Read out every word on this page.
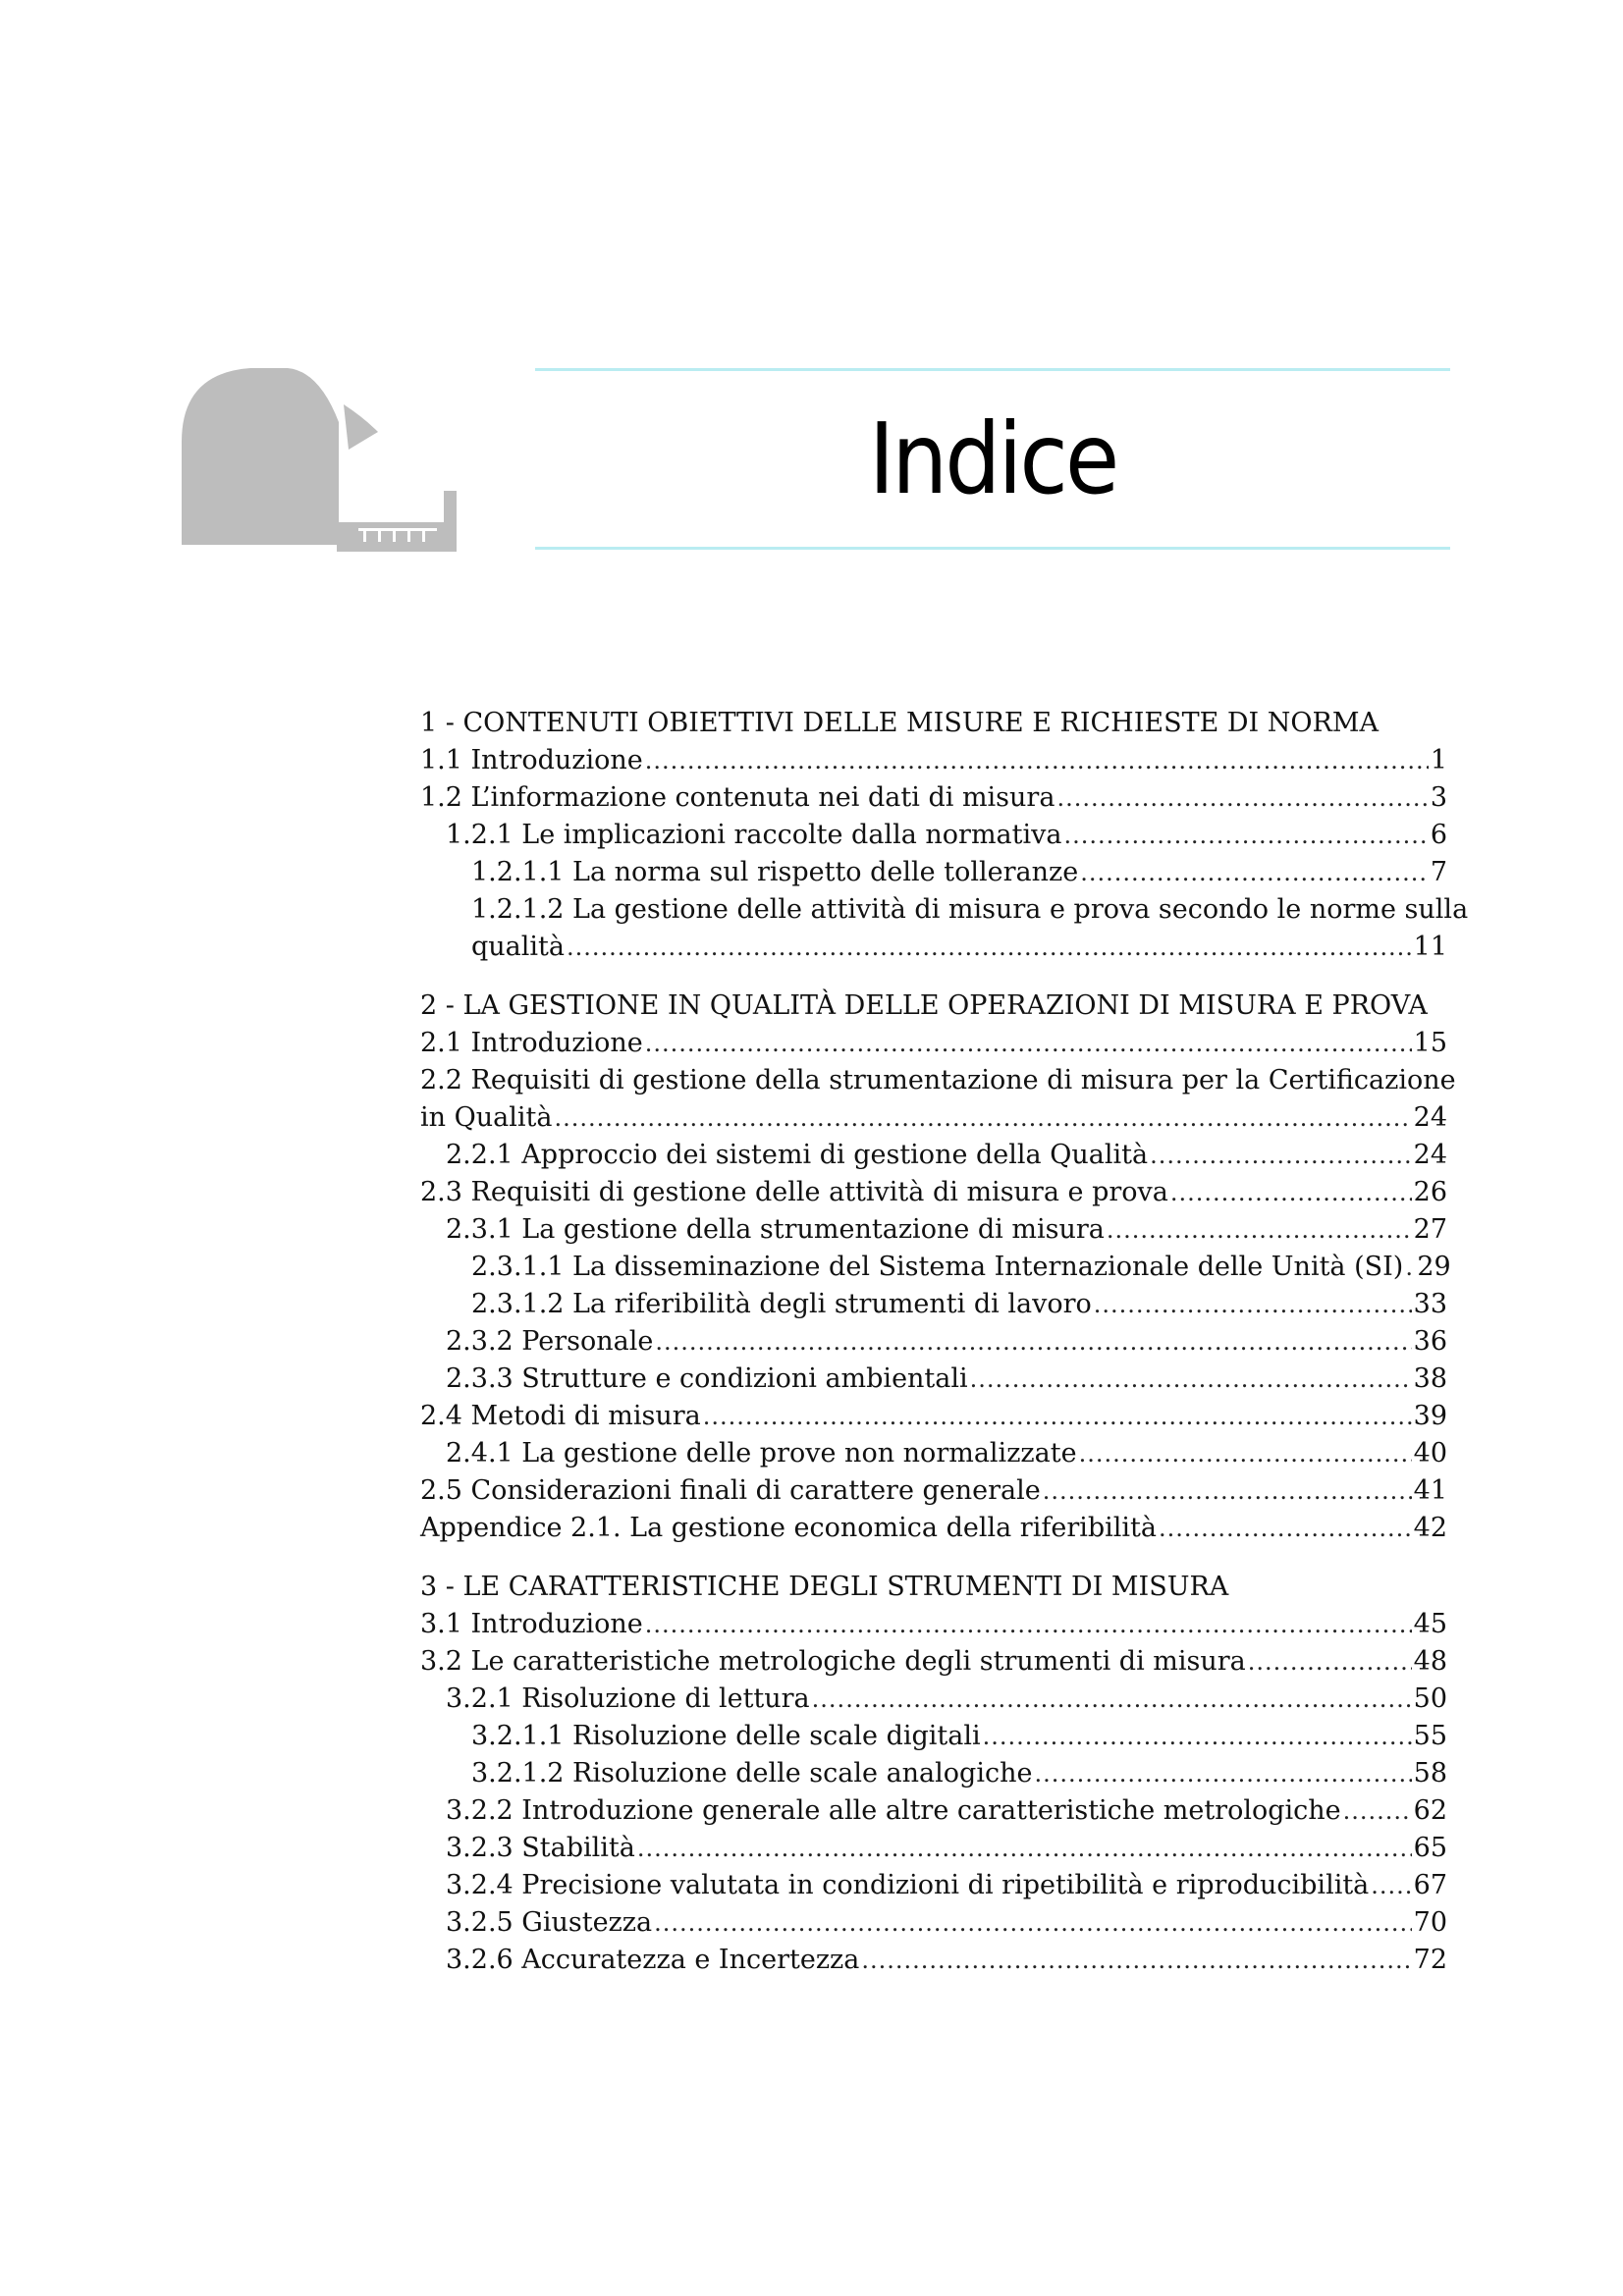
Indice
1 - CONTENUTI OBIETTIVI DELLE MISURE E RICHIESTE DI NORMA
1.1 Introduzione .....	1
1.2 L’informazione contenuta nei dati di misura .....	3
1.2.1 Le implicazioni raccolte dalla normativa .....	6
1.2.1.1 La norma sul rispetto delle tolleranze .....	7
1.2.1.2 La gestione delle attività di misura e prova secondo le norme sulla
qualità .....	11
2 - LA GESTIONE IN QUALITÀ DELLE OPERAZIONI DI MISURA E PROVA
2.1 Introduzione .....	15
2.2 Requisiti di gestione della strumentazione di misura per la Certificazione
in Qualità .....	24
2.2.1 Approccio dei sistemi di gestione della Qualità .....	24
2.3 Requisiti di gestione delle attività di misura e prova .....	26
2.3.1 La gestione della strumentazione di misura .....	27
2.3.1.1 La disseminazione del Sistema Internazionale delle Unità (SI) ..... 29
2.3.1.2 La riferibilità degli strumenti di lavoro .....	33
2.3.2 Personale .....	36
2.3.3 Strutture e condizioni ambientali .....	38
2.4 Metodi di misura .....	39
2.4.1 La gestione delle prove non normalizzate .....	40
2.5 Considerazioni finali di carattere generale .....	41
Appendice 2.1. La gestione economica della riferibilità .....	42
3 - LE CARATTERISTICHE DEGLI STRUMENTI DI MISURA
3.1 Introduzione .....	45
3.2 Le caratteristiche metrologiche degli strumenti di misura .....	48
3.2.1 Risoluzione di lettura .....	50
3.2.1.1 Risoluzione delle scale digitali .....	55
3.2.1.2 Risoluzione delle scale analogiche .....	58
3.2.2 Introduzione generale alle altre caratteristiche metrologiche .....	62
3.2.3 Stabilità .....	65
3.2.4 Precisione valutata in condizioni di ripetibilità e riproducibilità ..... 67
3.2.5 Giustezza .....	70
3.2.6 Accuratezza e Incertezza .....	72
